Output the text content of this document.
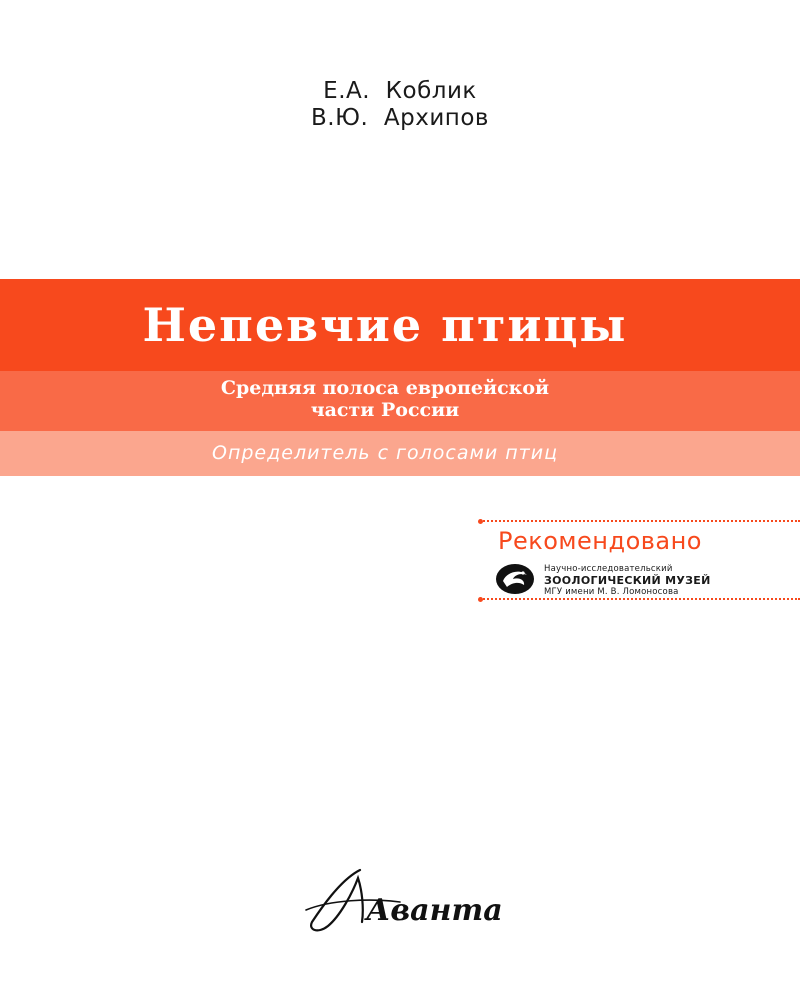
Е.А.  Коблик
В.Ю.  Архипов
Непевчие птицы
Средняя полоса европейской
части России
Определитель с голосами птиц
Рекомендовано
Научно-исследовательский
ЗООЛОГИЧЕСКИЙ МУЗЕЙ
МГУ имени М. В. Ломоносова
Аванта
